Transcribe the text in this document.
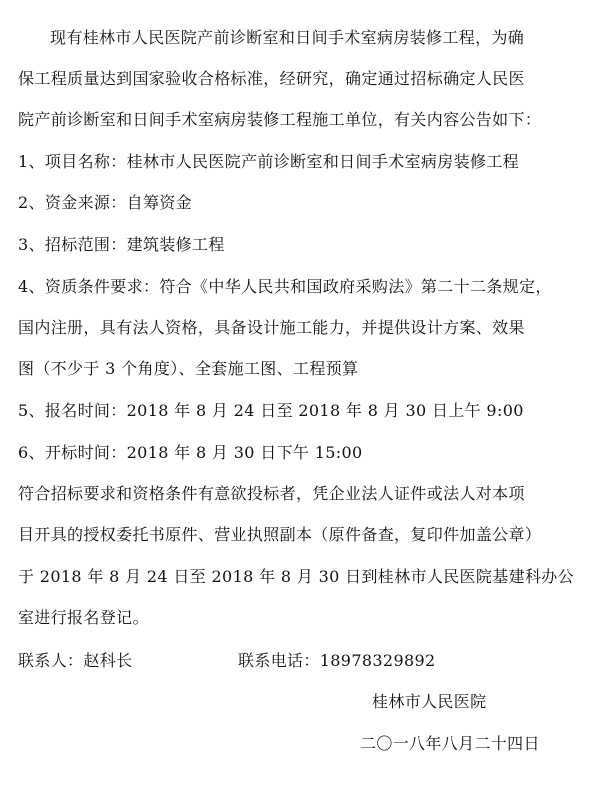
现有桂林市人民医院产前诊断室和日间手术室病房装修工程，为确
保工程质量达到国家验收合格标准，经研究，确定通过招标确定人民医
院产前诊断室和日间手术室病房装修工程施工单位，有关内容公告如下：
1、项目名称：桂林市人民医院产前诊断室和日间手术室病房装修工程
2、资金来源：自筹资金
3、招标范围：建筑装修工程
4、资质条件要求：符合《中华人民共和国政府采购法》第二十二条规定，
国内注册，具有法人资格，具备设计施工能力，并提供设计方案、效果
图（不少于 3 个角度）、全套施工图、工程预算
5、报名时间：2018 年 8 月 24 日至 2018 年 8 月 30 日上午 9:00
6、开标时间：2018 年 8 月 30 日下午 15:00
符合招标要求和资格条件有意欲投标者，凭企业法人证件或法人对本项
目开具的授权委托书原件、营业执照副本（原件备查，复印件加盖公章）
于 2018 年 8 月 24 日至 2018 年 8 月 30 日到桂林市人民医院基建科办公
室进行报名登记。
联系人：赵科长	联系电话：18978329892
桂林市人民医院
二〇一八年八月二十四日
